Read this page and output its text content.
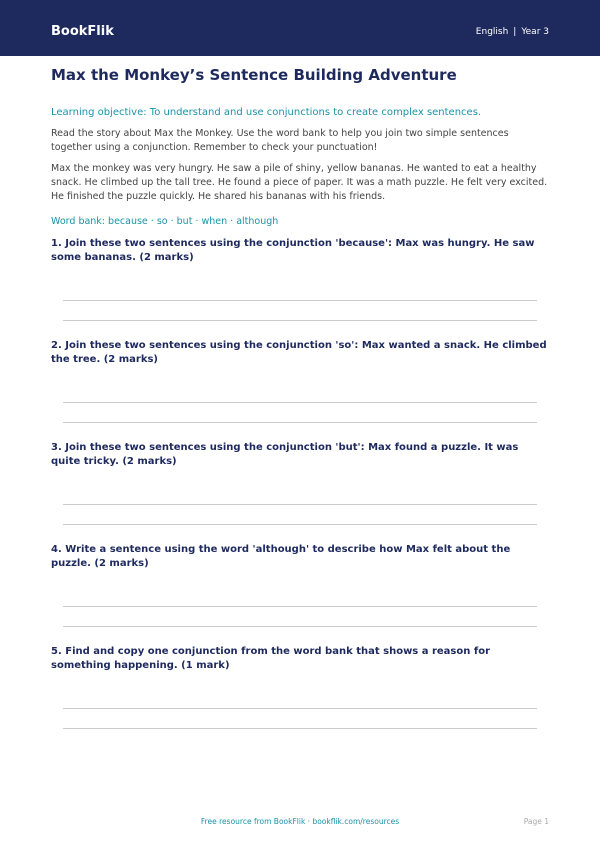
BookFlik	English | Year 3
Max the Monkey’s Sentence Building Adventure

Learning objective: To understand and use conjunctions to create complex sentences.

Read the story about Max the Monkey. Use the word bank to help you join two simple sentences together using a conjunction. Remember to check your punctuation!

Max the monkey was very hungry. He saw a pile of shiny, yellow bananas. He wanted to eat a healthy snack. He climbed up the tall tree. He found a piece of paper. It was a math puzzle. He felt very excited. He finished the puzzle quickly. He shared his bananas with his friends.

Word bank: because · so · but · when · although

1. Join these two sentences using the conjunction 'because': Max was hungry. He saw some bananas. (2 marks)

2. Join these two sentences using the conjunction 'so': Max wanted a snack. He climbed the tree. (2 marks)

3. Join these two sentences using the conjunction 'but': Max found a puzzle. It was quite tricky. (2 marks)

4. Write a sentence using the word 'although' to describe how Max felt about the puzzle. (2 marks)

5. Find and copy one conjunction from the word bank that shows a reason for something happening. (1 mark)

Free resource from BookFlik · bookflik.com/resources	Page 1
